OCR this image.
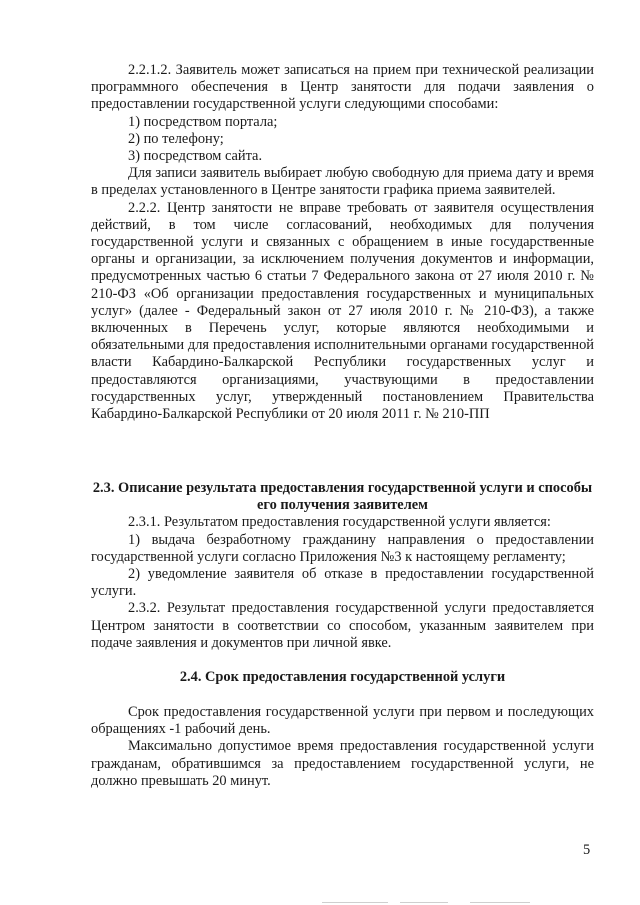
2.2.1.2. Заявитель может записаться на прием при технической реализации программного обеспечения в Центр занятости для подачи заявления о предоставлении государственной услуги следующими способами:

1) посредством портала;

2) по телефону;

3) посредством сайта.

Для записи заявитель выбирает любую свободную для приема дату и время в пределах установленного в Центре занятости графика приема заявителей.

2.2.2. Центр занятости не вправе требовать от заявителя осуществления действий, в том числе согласований, необходимых для получения государственной услуги и связанных с обращением в иные государственные органы и организации, за исключением получения документов и информации, предусмотренных частью 6 статьи 7 Федерального закона от 27 июля 2010 г. № 210-ФЗ «Об организации предоставления государственных и муниципальных услуг» (далее - Федеральный закон от 27 июля 2010 г. № 210-ФЗ), а также включенных в Перечень услуг, которые являются необходимыми и обязательными для предоставления исполнительными органами государственной власти Кабардино-Балкарской Республики государственных услуг и предоставляются организациями, участвующими в предоставлении государственных услуг, утвержденный постановлением Правительства Кабардино-Балкарской Республики от 20 июля 2011 г. № 210-ПП

2.3. Описание результата предоставления государственной услуги и способы его получения заявителем

2.3.1. Результатом предоставления государственной услуги является:

1) выдача безработному гражданину направления о предоставлении государственной услуги согласно Приложения №3 к настоящему регламенту;

2) уведомление заявителя об отказе в предоставлении государственной услуги.

2.3.2. Результат предоставления государственной услуги предоставляется Центром занятости в соответствии со способом, указанным заявителем при подаче заявления и документов при личной явке.

2.4. Срок предоставления государственной услуги

Срок предоставления государственной услуги при первом и последующих обращениях -1 рабочий день.

Максимально допустимое время предоставления государственной услуги гражданам, обратившимся за предоставлением государственной услуги, не должно превышать 20 минут.

5
